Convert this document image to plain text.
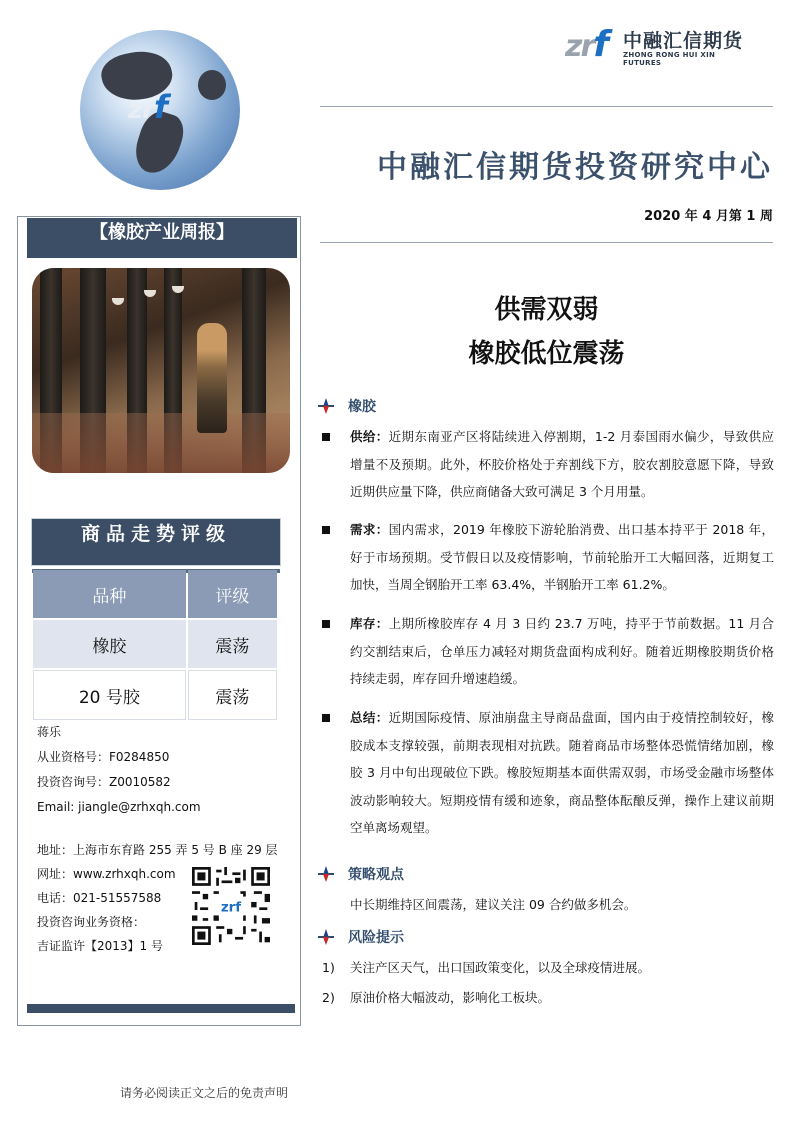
zrf
zrf 中融汇信期货
ZHONG RONG HUI XIN FUTURES
中融汇信期货投资研究中心
2020 年 4 月第 1 周
【橡胶产业周报】
商品走势评级
品种	评级
橡胶	震荡
20 号胶	震荡
蒋乐
从业资格号：F0284850
投资咨询号：Z0010582
Email: jiangle@zrhxqh.com
地址：上海市东育路 255 弄 5 号 B 座 29 层
网址：www.zrhxqh.com
电话：021-51557588
投资咨询业务资格：
吉证监许【2013】1 号
zrf
供需双弱
橡胶低位震荡
橡胶
供给：近期东南亚产区将陆续进入停割期，1-2 月泰国雨水偏少，导致供应增量不及预期。此外，杯胶价格处于弃割线下方，胶农割胶意愿下降，导致近期供应量下降，供应商储备大致可满足 3 个月用量。
需求：国内需求，2019 年橡胶下游轮胎消费、出口基本持平于 2018 年，好于市场预期。受节假日以及疫情影响，节前轮胎开工大幅回落，近期复工加快，当周全钢胎开工率 63.4%，半钢胎开工率 61.2%。
库存：上期所橡胶库存 4 月 3 日约 23.7 万吨，持平于节前数据。11 月合约交割结束后，仓单压力减轻对期货盘面构成利好。随着近期橡胶期货价格持续走弱，库存回升增速趋缓。
总结：近期国际疫情、原油崩盘主导商品盘面，国内由于疫情控制较好，橡胶成本支撑较强，前期表现相对抗跌。随着商品市场整体恐慌情绪加剧，橡胶 3 月中旬出现破位下跌。橡胶短期基本面供需双弱，市场受金融市场整体波动影响较大。短期疫情有缓和迹象，商品整体酝酿反弹，操作上建议前期空单离场观望。
策略观点
中长期维持区间震荡，建议关注 09 合约做多机会。
风险提示
1) 关注产区天气，出口国政策变化，以及全球疫情进展。
2) 原油价格大幅波动，影响化工板块。
请务必阅读正文之后的免责声明
